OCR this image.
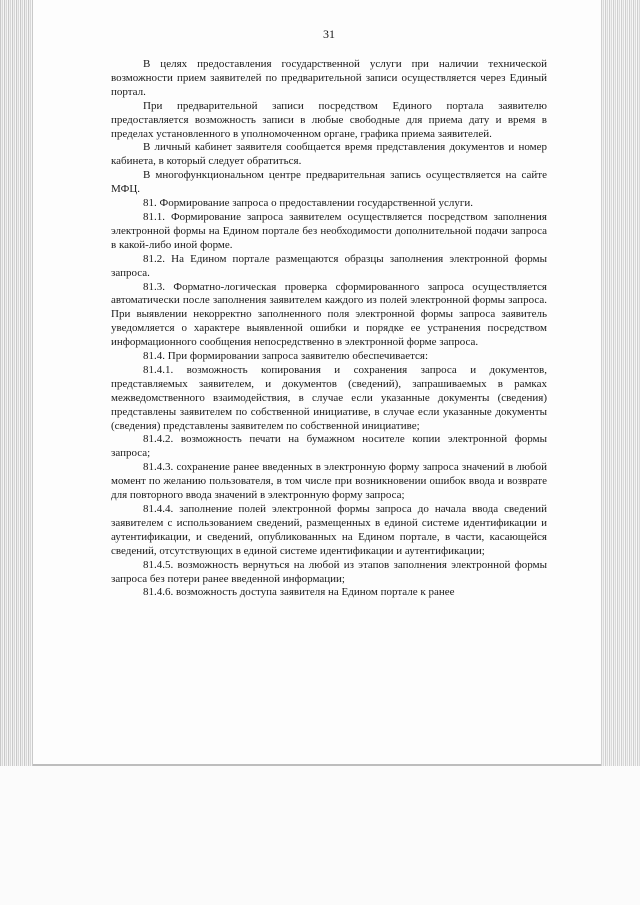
31

В целях предоставления государственной услуги при наличии технической возможности прием заявителей по предварительной записи осуществляется через Единый портал.

При предварительной записи посредством Единого портала заявителю предоставляется возможность записи в любые свободные для приема дату и время в пределах установленного в уполномоченном органе, графика приема заявителей.

В личный кабинет заявителя сообщается время представления документов и номер кабинета, в который следует обратиться.

В многофункциональном центре предварительная запись осуществляется на сайте МФЦ.

81. Формирование запроса о предоставлении государственной услуги.

81.1. Формирование запроса заявителем осуществляется посредством заполнения электронной формы на Едином портале без необходимости дополнительной подачи запроса в какой-либо иной форме.

81.2. На Едином портале размещаются образцы заполнения электронной формы запроса.

81.3. Форматно-логическая проверка сформированного запроса осуществляется автоматически после заполнения заявителем каждого из полей электронной формы запроса. При выявлении некорректно заполненного поля электронной формы запроса заявитель уведомляется о характере выявленной ошибки и порядке ее устранения посредством информационного сообщения непосредственно в электронной форме запроса.

81.4. При формировании запроса заявителю обеспечивается:

81.4.1. возможность копирования и сохранения запроса и документов, представляемых заявителем, и документов (сведений), запрашиваемых в рамках межведомственного взаимодействия, в случае если указанные документы (сведения) представлены заявителем по собственной инициативе, в случае если указанные документы (сведения) представлены заявителем по собственной инициативе;

81.4.2. возможность печати на бумажном носителе копии электронной формы запроса;

81.4.3. сохранение ранее введенных в электронную форму запроса значений в любой момент по желанию пользователя, в том числе при возникновении ошибок ввода и возврате для повторного ввода значений в электронную форму запроса;

81.4.4. заполнение полей электронной формы запроса до начала ввода сведений заявителем с использованием сведений, размещенных в единой системе идентификации и аутентификации, и сведений, опубликованных на Едином портале, в части, касающейся сведений, отсутствующих в единой системе идентификации и аутентификации;

81.4.5. возможность вернуться на любой из этапов заполнения электронной формы запроса без потери ранее введенной информации;

81.4.6. возможность доступа заявителя на Едином портале к ранее
